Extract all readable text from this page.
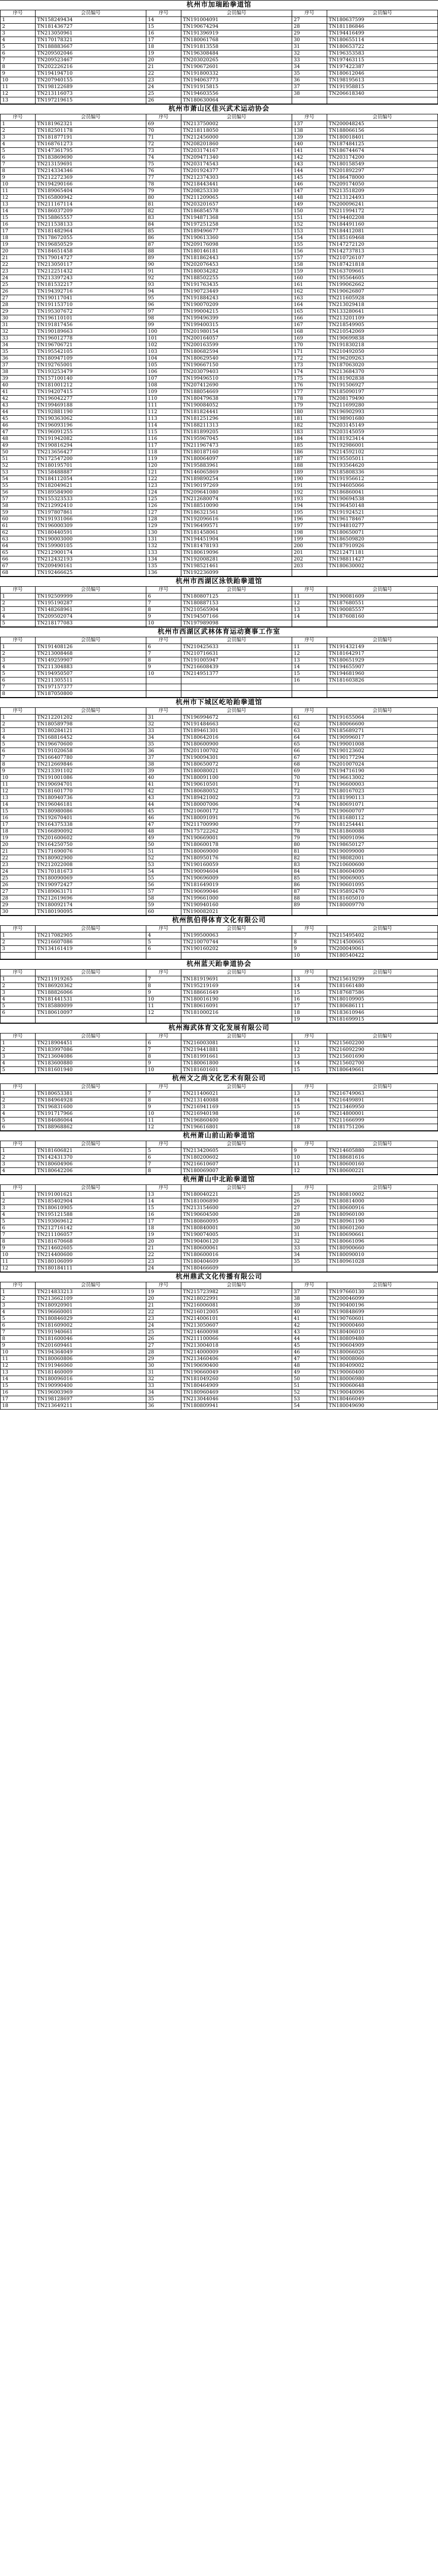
杭州市加瑞跆拳道馆
序号	会员编号	序号	会员编号	序号	会员编号
1	TN158249434	14	TN191004091	27	TN180637599
2	TN181436727	15	TN190674294	28	TN181186846
3	TN213050961	16	TN191396919	29	TN194416499
4	TN170178321	17	TN180061768	30	TN180655114
5	TN188883667	18	TN191813558	31	TN180653722
6	TN209502046	19	TN196308484	32	TN196353583
7	TN209523467	20	TN203020265	33	TN197463115
8	TN202226216	21	TN190672601	34	TN197422387
9	TN194194710	22	TN191800332	35	TN180612046
10	TN207940155	23	TN194063773	36	TN198195613
11	TN198122689	24	TN191915815	37	TN191958815
12	TN213116073	25	TN194603556	38	TN206618340
13	TN197219615	26	TN180630064		
杭州市萧山区佳兴武术运动协会
序号	会员编号	序号	会员编号	序号	会员编号
1	TN181962321	69	TN213750002	137	TN200048245
2	TN182501178	70	TN218118050	138	TN188066156
3	TN181877191	71	TN212456000	139	TN180018401
4	TN168761273	72	TN208201860	140	TN187484125
5	TN147361795	73	TN203174167	141	TN186744674
6	TN183869690	74	TN209471340	142	TN203174200
7	TN213159691	75	TN203174543	143	TN180158549
8	TN214334346	76	TN201924377	144	TN201892297
9	TN212272369	77	TN212374303	145	TN186478000
10	TN194290166	78	TN218443441	146	TN209174050
11	TN189065404	79	TN208253330	147	TN213518209
12	TN165800942	80	TN211209065	148	TN213124493
13	TN211167114	81	TN203201657	149	TN200096241
14	TN186037209	82	TN186854578	150	TN211994172
15	TN158865557	83	TN194871368	151	TN194402208
16	TN211538133	84	TN197251258	152	TN184491160
17	TN181482964	85	TN189496677	153	TN184412081
18	TN178672055	86	TN190613360	154	TN185169468
19	TN196850529	87	TN209176098	155	TN147272120
20	TN184651458	88	TN180146181	156	TN142737813
21	TN179014727	89	TN181862443	157	TN210726107
22	TN213050117	90	TN202076453	158	TN187421818
23	TN212251432	91	TN180034282	159	TN163709661
24	TN213397243	92	TN188502255	160	TN195564605
25	TN181532217	93	TN191763435	161	TN199062662
26	TN194392716	94	TN190723449	162	TN190626807
27	TN190117041	95	TN191884243	163	TN211605928
28	TN191153710	96	TN190070209	164	TN213029418
29	TN195307672	97	TN199004215	165	TN133280641
30	TN196110101	98	TN199496399	166	TN213201109
31	TN191817456	99	TN199400315	167	TN218549905
32	TN190189663	100	TN201980154	168	TN210542069
33	TN196012778	101	TN200164057	169	TN190699838
34	TN196706721	102	TN200163599	170	TN191830218
35	TN195542105	103	TN180682594	171	TN210492050
36	TN180947109	104	TN180629540	172	TN196209263
37	TN192765001	105	TN190667150	173	TN187063020
38	TN193253479	106	TN203079403	174	TN213684370
39	TN157100140	107	TN199496510	175	TN181902838
40	TN181001212	108	TN207412690	176	TN191506927
41	TN194207415	109	TN188054669	177	TN185090197
42	TN196042277	110	TN180479638	178	TN208179490
43	TN199469188	111	TN190084052	179	TN211699280
44	TN192881190	112	TN181824441	180	TN196902993
45	TN190363062	113	TN181251296	181	TN198901680
46	TN196093196	114	TN188211313	182	TN203145149
47	TN196091255	115	TN181899205	183	TN203145059
48	TN191942082	116	TN195967045	184	TN181923414
49	TN190816294	117	TN211967473	185	TN192986001
50	TN213656427	118	TN180187160	186	TN214592102
51	TN172547200	119	TN180064097	187	TN195505011
52	TN180195701	120	TN195883961	188	TN193564620
53	TN158488887	121	TN146065869	189	TN185808336
54	TN184112054	122	TN189890254	190	TN191956612
55	TN182049621	123	TN190197269	191	TN194605066
56	TN189584900	124	TN209641080	192	TN186860041
57	TN155323533	125	TN212680074	193	TN190694538
58	TN212992410	126	TN188510090	194	TN196450148
59	TN197807861	127	TN186321561	195	TN191924521
60	TN191931066	128	TN192096616	196	TN196178467
61	TN196000309	129	TN196499571	197	TN194810277
62	TN180440591	130	TN181458061	198	TN180650071
63	TN190003000	131	TN194451904	199	TN186509820
64	TN159900105	132	TN181478193	200	TN187910926
65	TN212900174	133	TN180619096	201	TN212471181
66	TN212432193	134	TN192008281	202	TN198811427
67	TN209490161	135	TN198521461	203	TN180630002
68	TN192466625	136	TN192236099		
杭州市西湖区泳铁跆拳道馆
序号	会员编号	序号	会员编号	序号	会员编号
1	TN192509999	6	TN180807125	11	TN190081609
2	TN195190287	7	TN180887153	12	TN187680551
3	TN148268961	8	TN210565904	13	TN190085557
4	TN209502074	9	TN194507166	14	TN187608160
5	TN218177083	10	TN197989098		
杭州市西湖区武林体育运动赛事工作室
序号	会员编号	序号	会员编号	序号	会员编号
1	TN191408126	6	TN210425633	11	TN191432149
2	TN213008468	7	TN210716631	12	TN181642917
3	TN149259907	8	TN191005947	13	TN180651929
4	TN211304883	9	TN216608439	14	TN194655907
5	TN194950507	10	TN214951377	15	TN194681960
6	TN211305511			16	TN181603826
7	TN197157377				
8	TN187050800				
杭州市下城区屹哈跆拳道馆
序号	会员编号	序号	会员编号	序号	会员编号
1	TN212201202	31	TN196994672	61	TN191655064
2	TN180589798	32	TN191484663	62	TN180066600
3	TN180284121	33	TN189461301	63	TN185689271
4	TN168816452	34	TN180642016	64	TN190996017
5	TN196670600	35	TN180600900	65	TN199001008
6	TN191020658	36	TN201100702	66	TN190123602
7	TN166407780	37	TN190094301	67	TN190177294
8	TN212669846	38	TN180650072	68	TN201007024
9	TN213391102	39	TN180080021	69	TN194716190
10	TN191001086	40	TN180091100	70	TN196613002
11	TN190694701	41	TN190610501	71	TN196600003
12	TN181601770	42	TN180680052	72	TN180167023
13	TN180940736	43	TN189421002	73	TN181990113
14	TN196046181	44	TN180007006	74	TN180691071
15	TN180980086	45	TN210600172	75	TN190600707
16	TN192670401	46	TN180091091	76	TN181680112
17	TN164375338	47	TN211700990	77	TN181254441
18	TN166890092	48	TN175722262	78	TN181860088
19	TN201600602	49	TN190669001	79	TN190091096
20	TN164250750	50	TN180600178	80	TN198650127
21	TN171690076	51	TN180069000	81	TN190099000
22	TN180902900	52	TN180950176	82	TN198082001
23	TN212022008	53	TN190160059	83	TN210600600
24	TN170181673	54	TN190094604	84	TN180604090
25	TN180090069	55	TN190696009	85	TN190069005
26	TN190972427	56	TN181649019	86	TN190601095
27	TN189063171	57	TN190699046	87	TN195892470
28	TN212619696	58	TN199661000	88	TN181605010
29	TN180092174	59	TN190940160	89	TN180009770
30	TN180190095	60	TN190082021		
杭州凯伯得体育文化有限公司
序号	会员编号	序号	会员编号	序号	会员编号
1	TN217082905	4	TN199500063	7	TN215495402
2	TN216607086	5	TN210070744	8	TN214500665
3	TN134161419	6	TN190160202	9	TN200049061
				10	TN180540422
杭州蓝天跆拳道协会
序号	会员编号	序号	会员编号	序号	会员编号
1	TN211919265	7	TN181919691	13	TN215619299
2	TN186920362	8	TN195219169	14	TN181661480
3	TN188826066	9	TN188661649	15	TN187687586
4	TN181441531	10	TN180016190	16	TN180109905
5	TN185880099	11	TN180616091	17	TN180686111
6	TN180610097	12	TN181000216	18	TN183610946
				19	TN181699915
杭州海武体育文化发展有限公司
序号	会员编号	序号	会员编号	序号	会员编号
1	TN218904451	6	TN216003081	11	TN215602200
2	TN183997086	7	TN219441881	12	TN216092290
3	TN213604086	8	TN181991661	13	TN215601690
4	TN183600880	9	TN180061800	14	TN215602700
5	TN181601940	10	TN181601601	15	TN180649661
杭州文之尚文化艺术有限公司
序号	会员编号	序号	会员编号	序号	会员编号
1	TN180653381	7	TN211406021	13	TN216749063
2	TN184964928	8	TN213140088	14	TN216499891
3	TN196831600	9	TN216941169	15	TN213469950
4	TN191717966	10	TN216940198	16	TN214800001
5	TN184686064	11	TN196860400	17	TN211666999
6	TN188968862	12	TN196616801	18	TN181751206
杭州萧山前山跆拳道馆
序号	会员编号	序号	会员编号	序号	会员编号
1	TN181606821	5	TN213420605	9	TN214605880
2	TN142431370	6	TN180200602	10	TN188681616
3	TN180604906	7	TN216610607	11	TN180600160
4	TN180642206	8	TN180069007	12	TN180600221
杭州萧山中北跆拳道馆
序号	会员编号	序号	会员编号	序号	会员编号
1	TN191001621	13	TN180040221	25	TN180810002
2	TN185402904	14	TN181006890	26	TN180814000
3	TN180610905	15	TN213154600	27	TN180600916
4	TN195121588	16	TN190604500	28	TN180960100
5	TN193069612	17	TN180860095	29	TN180961190
6	TN212716142	18	TN180840001	30	TN180601260
7	TN211106057	19	TN190074005	31	TN180690661
8	TN181670668	20	TN190406120	32	TN180661096
9	TN214602605	21	TN180600061	33	TN180900660
10	TN214400600	22	TN180600016	34	TN180090010
11	TN180106099	23	TN180404609	35	TN180961028
12	TN180184111	24	TN180466609		
杭州鼎武文化传播有限公司
序号	会员编号	序号	会员编号	序号	会员编号
1	TN214833213	19	TN215723982	37	TN197660130
2	TN213662109	20	TN218022991	38	TN200046099
3	TN180920901	21	TN216006081	39	TN190400196
4	TN196660001	22	TN216012005	40	TN190848699
5	TN180846029	23	TN214006101	41	TN190760601
6	TN181609002	24	TN213050607	42	TN190000460
7	TN191940661	25	TN214600098	43	TN180406010
8	TN181600046	26	TN211100066	44	TN180809480
9	TN201609461	27	TN213004018	45	TN190604909
10	TN194364049	28	TN214000009	46	TN180066026
11	TN180060806	29	TN213460406	47	TN190008060
12	TN191946060	30	TN190690400	48	TN180409002
13	TN181460009	31	TN190660049	49	TN190060400
14	TN180096016	32	TN181049260	50	TN180006980
15	TN190990400	33	TN180464909	51	TN190060648
16	TN196003969	34	TN180960469	52	TN190040096
17	TN198128697	35	TN213044046	53	TN180466049
18	TN213649211	36	TN180809941	54	TN180049690
